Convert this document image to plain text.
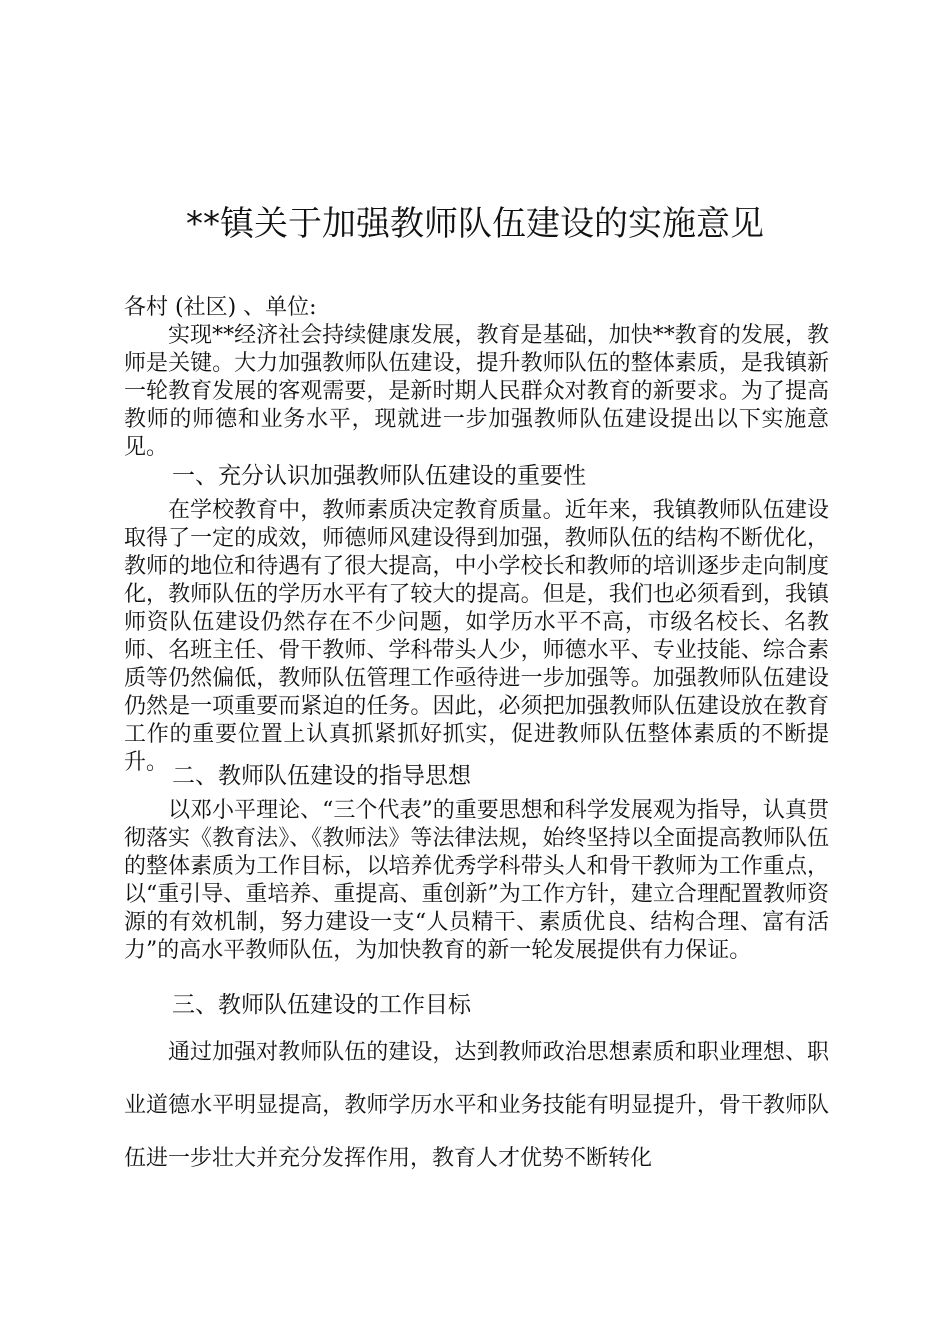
**镇关于加强教师队伍建设的实施意见

各村 (社区) 、单位:

实现**经济社会持续健康发展，教育是基础，加快**教育的发展，教师是关键。大力加强教师队伍建设，提升教师队伍的整体素质，是我镇新一轮教育发展的客观需要，是新时期人民群众对教育的新要求。为了提高教师的师德和业务水平，现就进一步加强教师队伍建设提出以下实施意见。

一、充分认识加强教师队伍建设的重要性

在学校教育中，教师素质决定教育质量。近年来，我镇教师队伍建设取得了一定的成效，师德师风建设得到加强，教师队伍的结构不断优化，教师的地位和待遇有了很大提高，中小学校长和教师的培训逐步走向制度化，教师队伍的学历水平有了较大的提高。但是，我们也必须看到，我镇师资队伍建设仍然存在不少问题，如学历水平不高，市级名校长、名教师、名班主任、骨干教师、学科带头人少，师德水平、专业技能、综合素质等仍然偏低，教师队伍管理工作亟待进一步加强等。加强教师队伍建设仍然是一项重要而紧迫的任务。因此，必须把加强教师队伍建设放在教育工作的重要位置上认真抓紧抓好抓实，促进教师队伍整体素质的不断提升。

二、教师队伍建设的指导思想

以邓小平理论、“三个代表”的重要思想和科学发展观为指导，认真贯彻落实《教育法》、《教师法》等法律法规，始终坚持以全面提高教师队伍的整体素质为工作目标，以培养优秀学科带头人和骨干教师为工作重点，以“重引导、重培养、重提高、重创新”为工作方针，建立合理配置教师资源的有效机制，努力建设一支“人员精干、素质优良、结构合理、富有活力”的高水平教师队伍，为加快教育的新一轮发展提供有力保证。

三、教师队伍建设的工作目标

通过加强对教师队伍的建设，达到教师政治思想素质和职业理想、职业道德水平明显提高，教师学历水平和业务技能有明显提升，骨干教师队伍进一步壮大并充分发挥作用，教育人才优势不断转化
